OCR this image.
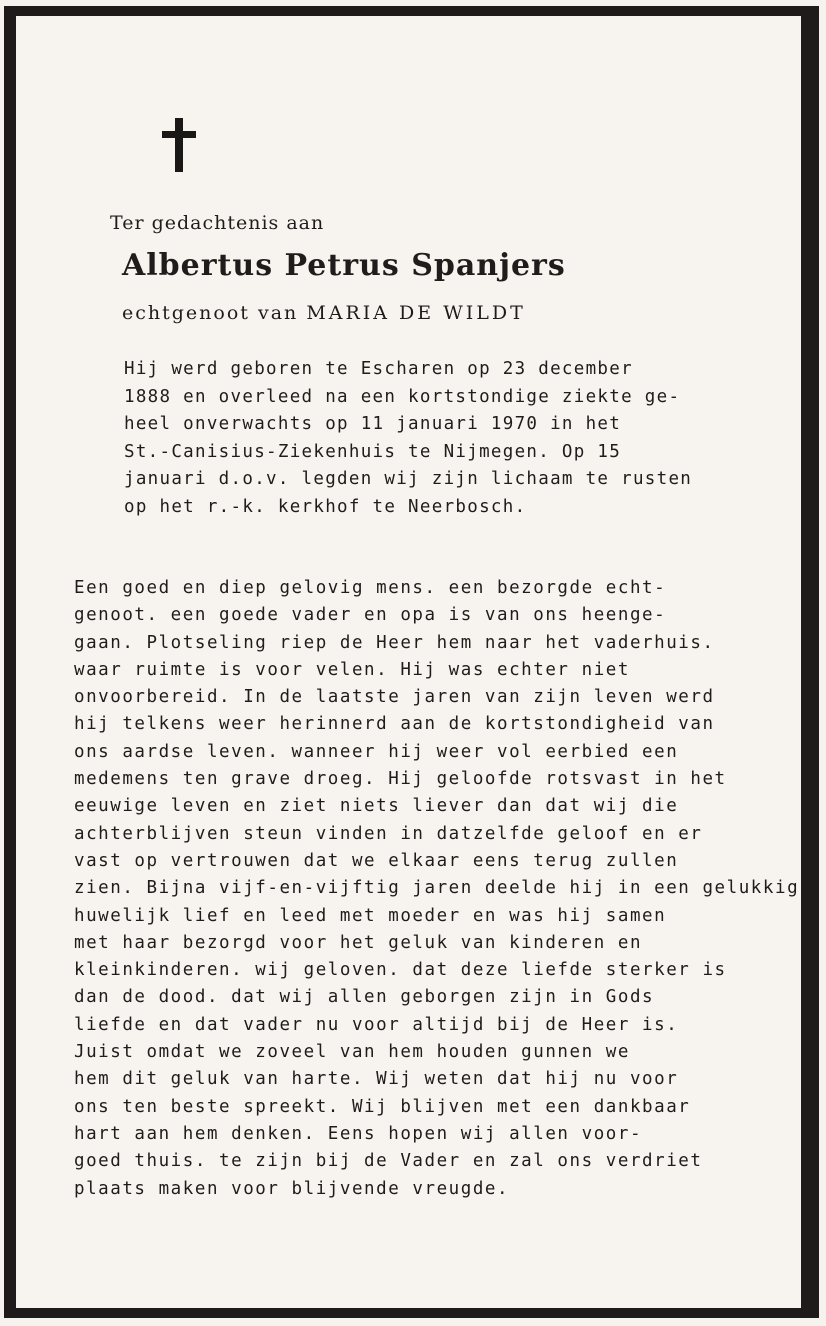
Ter gedachtenis aan
Albertus Petrus Spanjers
echtgenoot van MARIA DE WILDT
Hij werd geboren te Escharen op 23 december
1888 en overleed na een kortstondige ziekte ge-
heel onverwachts op 11 januari 1970 in het
St.-Canisius-Ziekenhuis te Nijmegen. Op 15
januari d.o.v. legden wij zijn lichaam te rusten
op het r.-k. kerkhof te Neerbosch.
Een goed en diep gelovig mens. een bezorgde echt-
genoot. een goede vader en opa is van ons heenge-
gaan. Plotseling riep de Heer hem naar het vaderhuis.
waar ruimte is voor velen. Hij was echter niet
onvoorbereid. In de laatste jaren van zijn leven werd
hij telkens weer herinnerd aan de kortstondigheid van
ons aardse leven. wanneer hij weer vol eerbied een
medemens ten grave droeg. Hij geloofde rotsvast in het
eeuwige leven en ziet niets liever dan dat wij die
achterblijven steun vinden in datzelfde geloof en er
vast op vertrouwen dat we elkaar eens terug zullen
zien. Bijna vijf-en-vijftig jaren deelde hij in een gelukkig
huwelijk lief en leed met moeder en was hij samen
met haar bezorgd voor het geluk van kinderen en
kleinkinderen. wij geloven. dat deze liefde sterker is
dan de dood. dat wij allen geborgen zijn in Gods
liefde en dat vader nu voor altijd bij de Heer is.
Juist omdat we zoveel van hem houden gunnen we
hem dit geluk van harte. Wij weten dat hij nu voor
ons ten beste spreekt. Wij blijven met een dankbaar
hart aan hem denken. Eens hopen wij allen voor-
goed thuis. te zijn bij de Vader en zal ons verdriet
plaats maken voor blijvende vreugde.
